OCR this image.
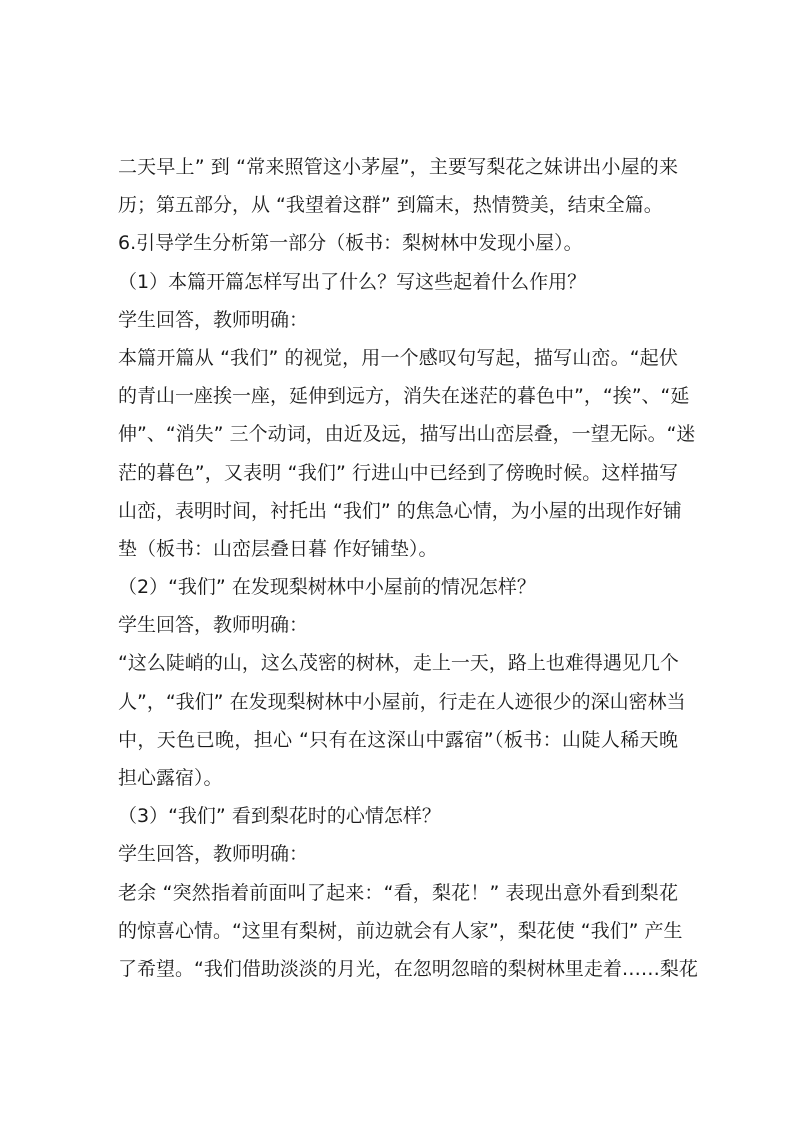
二天早上” 到 “常来照管这小茅屋”，主要写梨花之妹讲出小屋的来
历；第五部分，从 “我望着这群” 到篇末，热情赞美，结束全篇。
6.引导学生分析第一部分（板书：梨树林中发现小屋）。
（1）本篇开篇怎样写出了什么？写这些起着什么作用？
学生回答，教师明确：
本篇开篇从 “我们” 的视觉，用一个感叹句写起，描写山峦。“起伏
的青山一座挨一座，延伸到远方，消失在迷茫的暮色中”，“挨”、“延
伸”、“消失” 三个动词，由近及远，描写出山峦层叠，一望无际。“迷
茫的暮色”，又表明 “我们” 行进山中已经到了傍晚时候。这样描写
山峦，表明时间，衬托出 “我们” 的焦急心情，为小屋的出现作好铺
垫（板书：山峦层叠日暮 作好铺垫）。
（2）“我们” 在发现梨树林中小屋前的情况怎样？
学生回答，教师明确：
“这么陡峭的山，这么茂密的树林，走上一天，路上也难得遇见几个
人”，“我们” 在发现梨树林中小屋前，行走在人迹很少的深山密林当
中，天色已晚，担心 “只有在这深山中露宿”（板书：山陡人稀天晚
担心露宿）。
（3）“我们” 看到梨花时的心情怎样？
学生回答，教师明确：
老余 “突然指着前面叫了起来：“看，梨花！” 表现出意外看到梨花
的惊喜心情。“这里有梨树，前边就会有人家”，梨花使 “我们” 产生
了希望。“我们借助淡淡的月光，在忽明忽暗的梨树林里走着……梨花
